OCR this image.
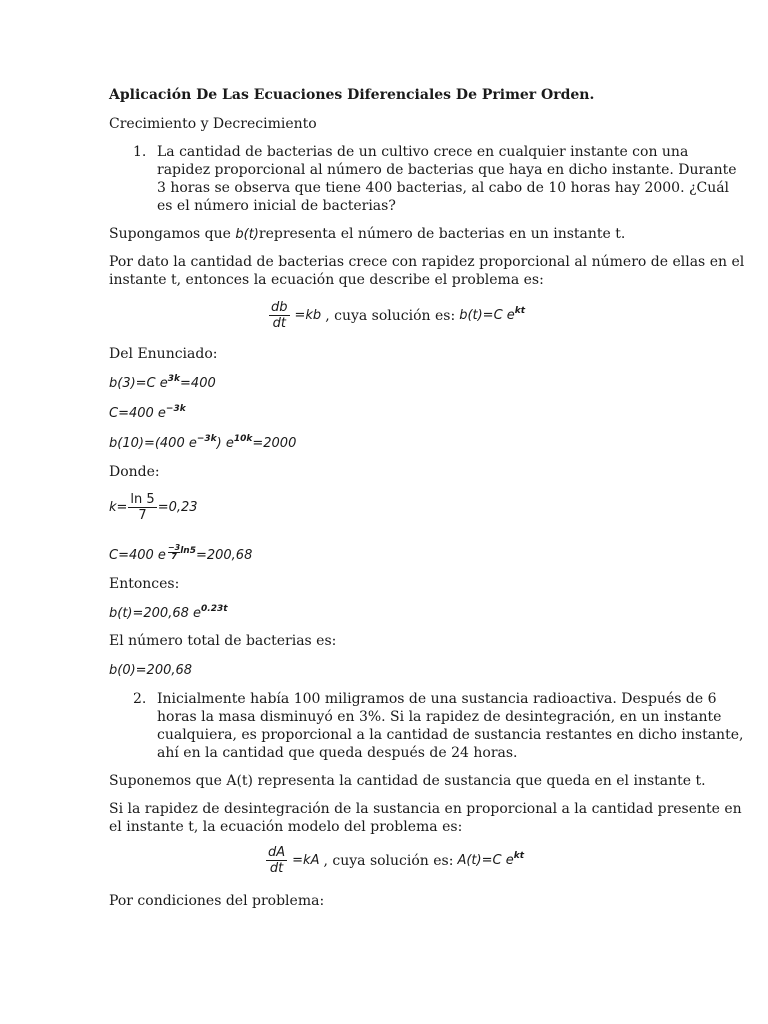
Aplicación De Las Ecuaciones Diferenciales De Primer Orden.
Crecimiento y Decrecimiento
1. La cantidad de bacterias de un cultivo crece en cualquier instante con una
rapidez proporcional al número de bacterias que haya en dicho instante. Durante
3 horas se observa que tiene 400 bacterias, al cabo de 10 horas hay 2000. ¿Cuál
es el número inicial de bacterias?
Supongamos que b(t)representa el número de bacterias en un instante t.
Por dato la cantidad de bacterias crece con rapidez proporcional al número de ellas en el
instante t, entonces la ecuación que describe el problema es:
$\frac{db}{dt} =kb$ , cuya solución es: b(t)=C $e^{kt}$
Del Enunciado:
b(3)=C $e^{3k}=400$
C=400 $e^{-3k}$
b(10)=(400 $e^{-3k}$) $e^{10k}=2000$
Donde:
$k= \frac{\ln 5}{7} =0,23$
C=400 e $\frac{-3}{7} ^{ln5}=200,68$
Entonces:
b(t)=200,68 $e^{0.23t}$
El número total de bacterias es:
b(0)=200,68
2. Inicialmente había 100 miligramos de una sustancia radioactiva. Después de 6
horas la masa disminuyó en 3%. Si la rapidez de desintegración, en un instante
cualquiera, es proporcional a la cantidad de sustancia restantes en dicho instante,
ahí en la cantidad que queda después de 24 horas.
Suponemos que A(t) representa la cantidad de sustancia que queda en el instante t.
Si la rapidez de desintegración de la sustancia en proporcional a la cantidad presente en
el instante t, la ecuación modelo del problema es:
$\frac{dA}{dt} =kA$ , cuya solución es: A(t)=C $e^{kt}$
Por condiciones del problema:
